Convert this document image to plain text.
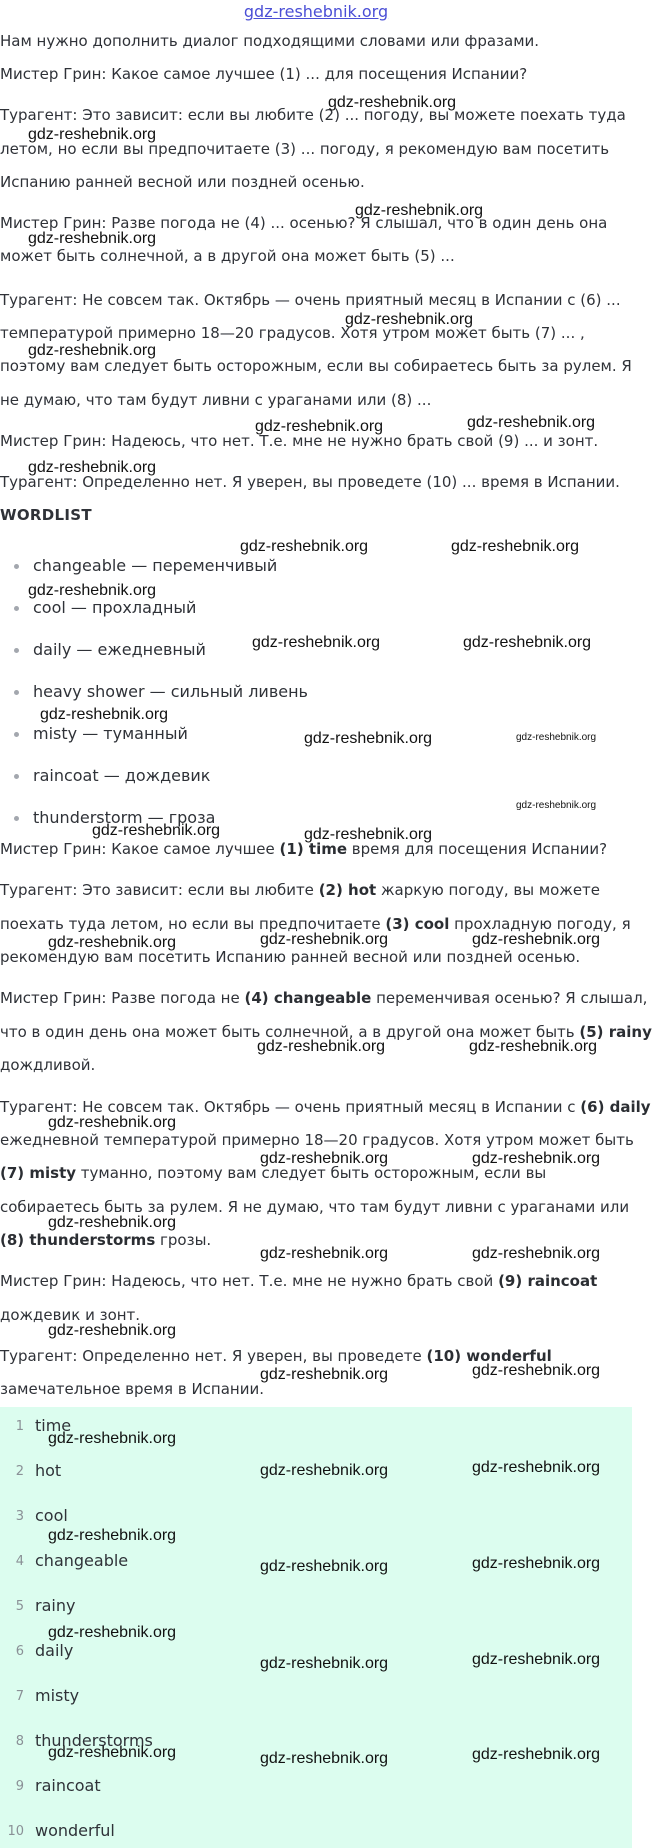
gdz-reshebnik.org
Нам нужно дополнить диалог подходящими словами или фразами.
Мистер Грин: Какое самое лучшее (1) ... для посещения Испании?
Турагент: Это зависит: если вы любите (2) ... погоду, вы можете поехать туда
летом, но если вы предпочитаете (3) ... погоду, я рекомендую вам посетить
Испанию ранней весной или поздней осенью.
Мистер Грин: Разве погода не (4) ... осенью? Я слышал, что в один день она
может быть солнечной, а в другой она может быть (5) ...
Турагент: Не совсем так. Октябрь — очень приятный месяц в Испании с (6) ...
температурой примерно 18—20 градусов. Хотя утром может быть (7) ... ,
поэтому вам следует быть осторожным, если вы собираетесь быть за рулем. Я
не думаю, что там будут ливни с ураганами или (8) ...
Мистер Грин: Надеюсь, что нет. Т.е. мне не нужно брать свой (9) ... и зонт.
Турагент: Определенно нет. Я уверен, вы проведете (10) ... время в Испании.
WORDLIST
changeable — переменчивый
cool — прохладный
daily — ежедневный
heavy shower — сильный ливень
misty — туманный
raincoat — дождевик
thunderstorm — гроза
Мистер Грин: Какое самое лучшее (1) time время для посещения Испании?
Турагент: Это зависит: если вы любите (2) hot жаркую погоду, вы можете
поехать туда летом, но если вы предпочитаете (3) cool прохладную погоду, я
рекомендую вам посетить Испанию ранней весной или поздней осенью.
Мистер Грин: Разве погода не (4) changeable переменчивая осенью? Я слышал,
что в один день она может быть солнечной, а в другой она может быть (5) rainy
дождливой.
Турагент: Не совсем так. Октябрь — очень приятный месяц в Испании с (6) daily
ежедневной температурой примерно 18—20 градусов. Хотя утром может быть
(7) misty туманно, поэтому вам следует быть осторожным, если вы
собираетесь быть за рулем. Я не думаю, что там будут ливни с ураганами или
(8) thunderstorms грозы.
Мистер Грин: Надеюсь, что нет. Т.е. мне не нужно брать свой (9) raincoat
дождевик и зонт.
Турагент: Определенно нет. Я уверен, вы проведете (10) wonderful
замечательное время в Испании.
1 time
2 hot
3 cool
4 changeable
5 rainy
6 daily
7 misty
8 thunderstorms
9 raincoat
10 wonderful
gdz-reshebnik.org
gdz-reshebnik.org
gdz-reshebnik.org
gdz-reshebnik.org
gdz-reshebnik.org
gdz-reshebnik.org
gdz-reshebnik.org	gdz-reshebnik.org
gdz-reshebnik.org
gdz-reshebnik.org	gdz-reshebnik.org
gdz-reshebnik.org
gdz-reshebnik.org	gdz-reshebnik.org
gdz-reshebnik.org
gdz-reshebnik.org	gdz-reshebnik.org
gdz-reshebnik.org
gdz-reshebnik.org
gdz-reshebnik.org
gdz-reshebnik.org	gdz-reshebnik.org	gdz-reshebnik.org
gdz-reshebnik.org	gdz-reshebnik.org
gdz-reshebnik.org
gdz-reshebnik.org	gdz-reshebnik.org
gdz-reshebnik.org
gdz-reshebnik.org	gdz-reshebnik.org
gdz-reshebnik.org
gdz-reshebnik.org	gdz-reshebnik.org
gdz-reshebnik.org
gdz-reshebnik.org	gdz-reshebnik.org
gdz-reshebnik.org
gdz-reshebnik.org	gdz-reshebnik.org
gdz-reshebnik.org
gdz-reshebnik.org	gdz-reshebnik.org
gdz-reshebnik.org	gdz-reshebnik.org	gdz-reshebnik.org
